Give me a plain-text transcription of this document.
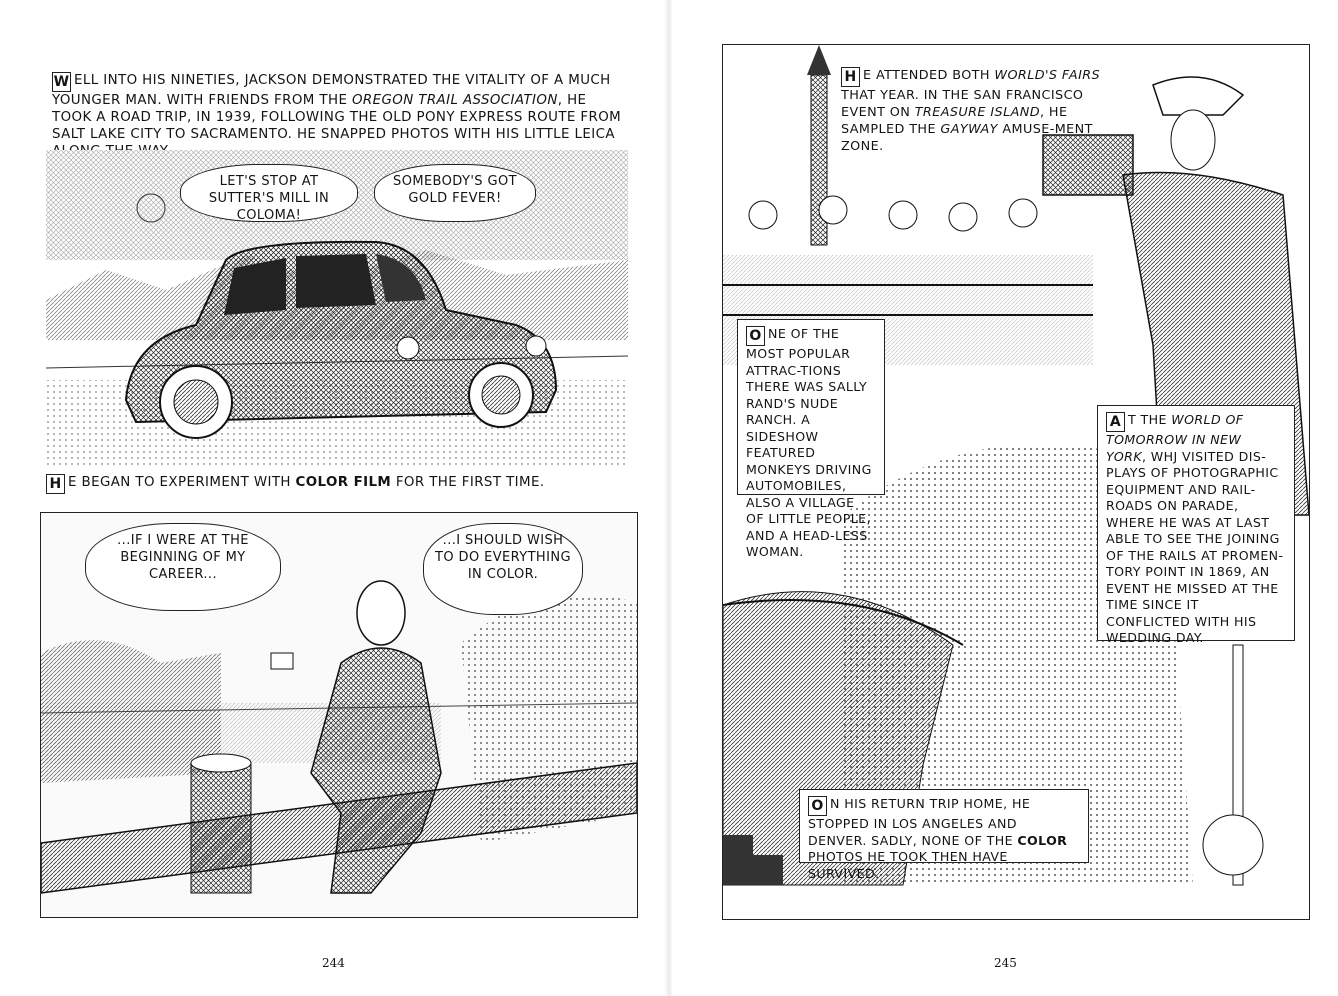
W ELL INTO HIS NINETIES, JACKSON DEMONSTRATED THE VITALITY OF A MUCH YOUNGER MAN. WITH FRIENDS FROM THE OREGON TRAIL ASSOCIATION, HE TOOK A ROAD TRIP, IN 1939, FOLLOWING THE OLD PONY EXPRESS ROUTE FROM SALT LAKE CITY TO SACRAMENTO. HE SNAPPED PHOTOS WITH HIS LITTLE LEICA
LET'S STOP AT SUTTER'S MILL IN COLOMA!
SOMEBODY'S GOT GOLD FEVER!
H E BEGAN TO EXPERIMENT WITH COLOR FILM FOR THE FIRST TIME.
...IF I WERE AT THE BEGINNING OF MY CAREER...
...I SHOULD WISH TO DO EVERYTHING IN COLOR.
244
H E ATTENDED BOTH WORLD'S FAIRS THAT YEAR. IN THE SAN FRANCISCO EVENT ON TREASURE ISLAND, HE SAMPLED THE GAYWAY AMUSE-MENT ZONE.
O NE OF THE MOST POPULAR ATTRAC-TIONS THERE WAS SALLY RAND'S NUDE RANCH. A SIDESHOW FEATURED MONKEYS DRIVING AUTOMOBILES, ALSO A VILLAGE OF LITTLE PEOPLE, AND A HEAD-LESS WOMAN.
A T THE WORLD OF TOMORROW IN NEW YORK, WHJ VISITED DIS-PLAYS OF PHOTOGRAPHIC EQUIPMENT AND RAIL-ROADS ON PARADE, WHERE HE WAS AT LAST ABLE TO SEE THE JOINING OF THE RAILS AT PROMEN-TORY POINT IN 1869, AN EVENT HE MISSED AT THE TIME SINCE IT CONFLICTED WITH HIS WEDDING DAY.
O N HIS RETURN TRIP HOME, HE STOPPED IN LOS ANGELES AND DENVER. SADLY, NONE OF THE COLOR PHOTOS HE TOOK THEN HAVE SURVIVED.
245
